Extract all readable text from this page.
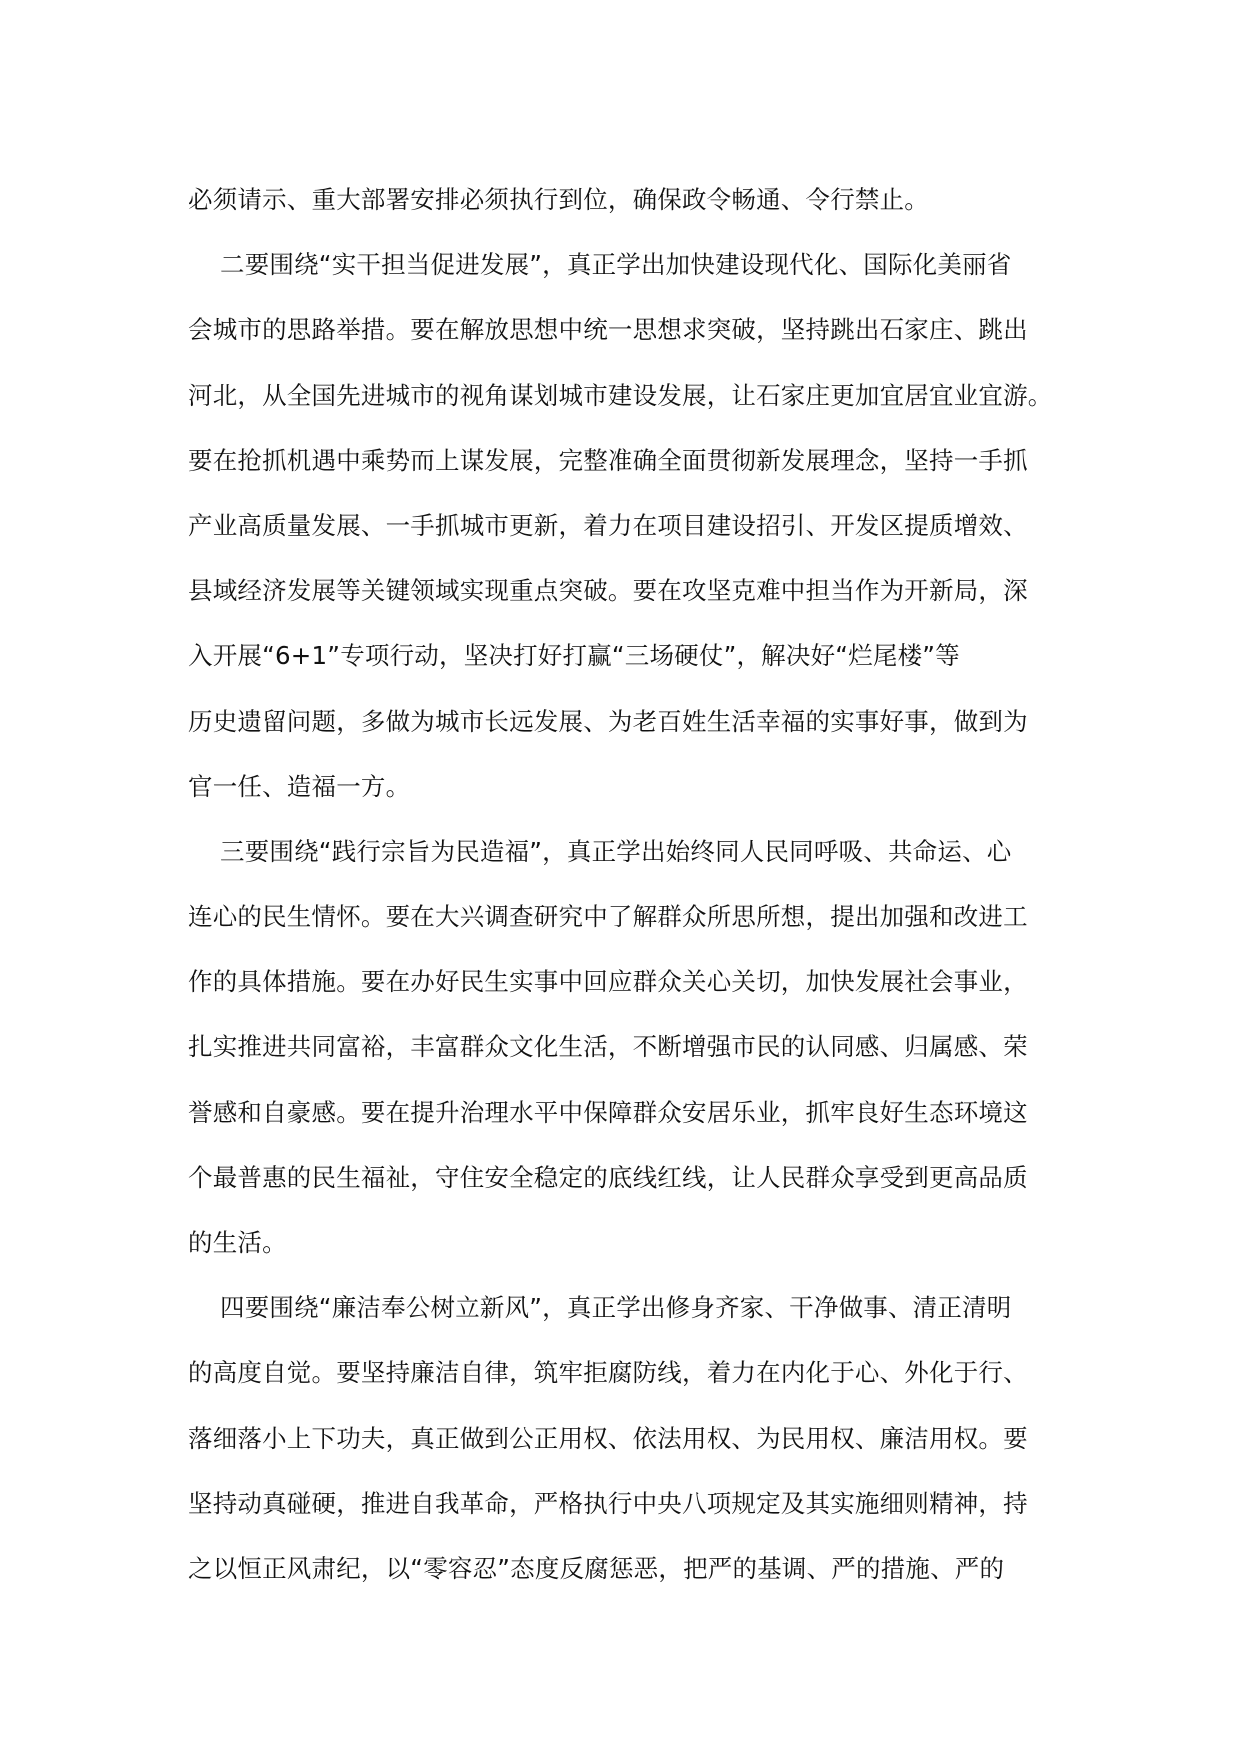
必须请示、重大部署安排必须执行到位，确保政令畅通、令行禁止。
二要围绕“实干担当促进发展”，真正学出加快建设现代化、国际化美丽省
会城市的思路举措。要在解放思想中统一思想求突破，坚持跳出石家庄、跳出
河北，从全国先进城市的视角谋划城市建设发展，让石家庄更加宜居宜业宜游。
要在抢抓机遇中乘势而上谋发展，完整准确全面贯彻新发展理念，坚持一手抓
产业高质量发展、一手抓城市更新，着力在项目建设招引、开发区提质增效、
县域经济发展等关键领域实现重点突破。要在攻坚克难中担当作为开新局，深
入开展“6+1”专项行动，坚决打好打赢“三场硬仗”，解决好“烂尾楼”等
历史遗留问题，多做为城市长远发展、为老百姓生活幸福的实事好事，做到为
官一任、造福一方。
三要围绕“践行宗旨为民造福”，真正学出始终同人民同呼吸、共命运、心
连心的民生情怀。要在大兴调查研究中了解群众所思所想，提出加强和改进工
作的具体措施。要在办好民生实事中回应群众关心关切，加快发展社会事业，
扎实推进共同富裕，丰富群众文化生活，不断增强市民的认同感、归属感、荣
誉感和自豪感。要在提升治理水平中保障群众安居乐业，抓牢良好生态环境这
个最普惠的民生福祉，守住安全稳定的底线红线，让人民群众享受到更高品质
的生活。
四要围绕“廉洁奉公树立新风”，真正学出修身齐家、干净做事、清正清明
的高度自觉。要坚持廉洁自律，筑牢拒腐防线，着力在内化于心、外化于行、
落细落小上下功夫，真正做到公正用权、依法用权、为民用权、廉洁用权。要
坚持动真碰硬，推进自我革命，严格执行中央八项规定及其实施细则精神，持
之以恒正风肃纪，以“零容忍”态度反腐惩恶，把严的基调、严的措施、严的
